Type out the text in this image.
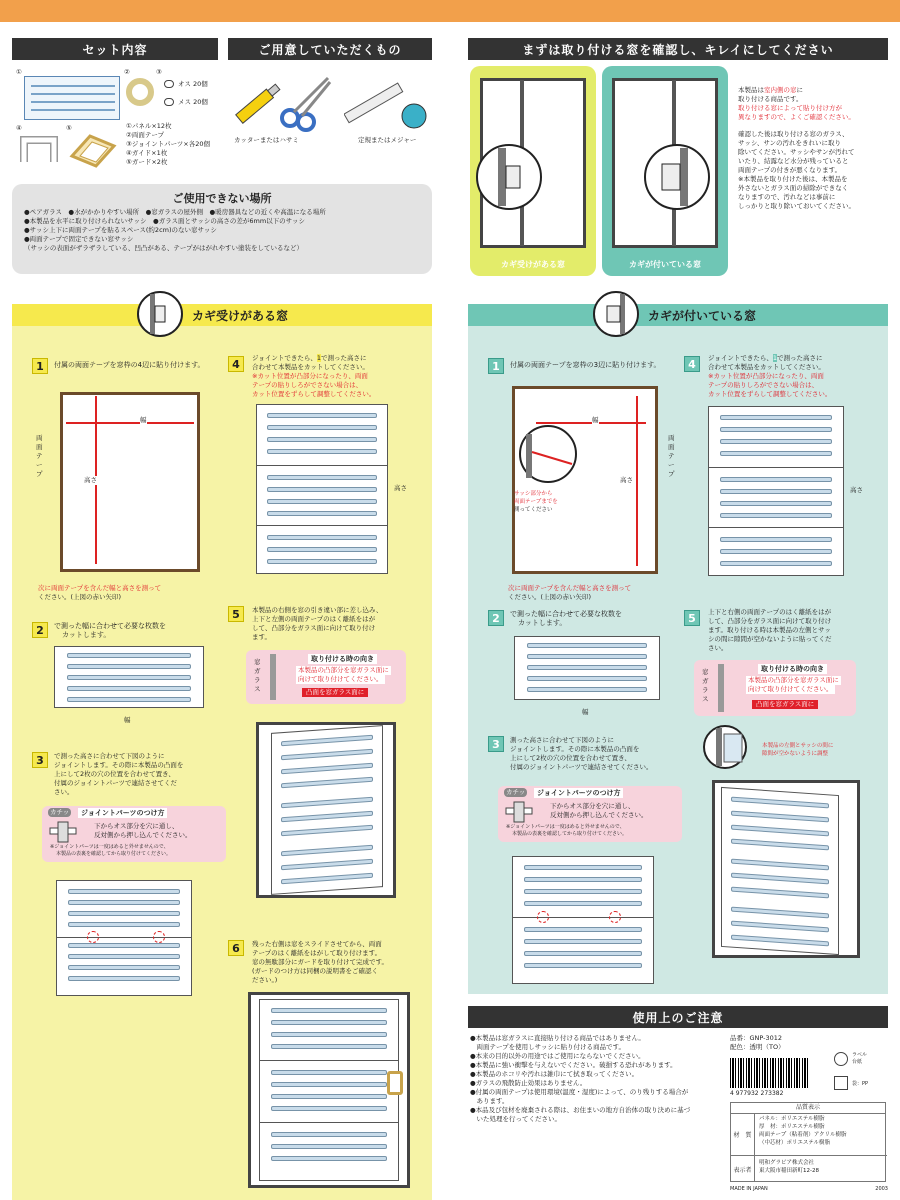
セット内容	ご用意していただくもの	まずは取り付ける窓を確認し、キレイにしてください
①	②	③
オス 20個
メス 20個
④	⑤	①パネル×12枚
②両面テープ
③ジョイントパーツ×各20個
④ガイド×1枚
⑤ガード×2枚
カッターまたはハサミ	定規またはメジャー
ご使用できない場所
●ペアガラス　●水がかかりやすい場所　●窓ガラスの屋外側　●暖房器具などの近くや高温になる場所
●本製品を水平に取り付けられないサッシ　●ガラス面とサッシの高さの差が6mm以下のサッシ
●サッシ上下に両面テープを貼るスペース(約2cm)のない窓サッシ
●両面テープで固定できない窓サッシ
（サッシの表面がザラザラしている、凹凸がある、テープがはがれやすい塗装をしているなど）
カギ受けがある窓	カギが付いている窓
本製品は室内側の窓に
取り付ける商品です。
取り付ける窓によって貼り付け方が
異なりますので、よくご確認ください。
確認した後は取り付ける窓のガラス、
サッシ、サンの汚れをきれいに取り
除いてください。サッシやサンが汚れて
いたり、結露など水分が残っていると
両面テープの付きが悪くなります。
※本製品を取り付けた後は、本製品を
外さないとガラス面の掃除ができなく
なりますので、汚れなどは事前に
しっかりと取り除いておいてください。
カギ受けがある窓
1	付属の両面テープを窓枠の4辺に貼り付けます。
幅
高さ
両面テープ
次に両面テープを含んだ幅と高さを測って
ください。(上図の赤い矢印)
2	で測った幅に合わせて必要な枚数を
カットします。
幅
3	で測った高さに合わせて下図のように
ジョイントします。その際に本製品の凸面を
上にして2枚の穴の位置を合わせて置き、
付属のジョイントパーツで連結させてくだ
さい。
ジョイントパーツのつけ方
カチッ
下からオス部分を穴に通し、
反対側から押し込んでください。
※ジョイントパーツは一度はめると外せませんので、
本製品の表裏を確認してから取り付けてください。
4	ジョイントできたら、1で測った高さに
合わせて本製品をカットしてください。
※カット位置が凸部分になったり、両面
テープの貼りしろがでさない場合は、
カット位置をずらして調整してください。
高さ
5	本製品の右側を窓の引き違い部に差し込み、
上下と左側の両面テープのはく離紙をはが
して、凸部分をガラス面に向けて取り付け
ます。
窓ガラス
取り付ける時の向き
本製品の凸部分を窓ガラス面に
向けて取り付けてください。
凸面を窓ガラス面に
6	残った右側は窓をスライドさせてから、両面
テープのはく離紙をはがして取り付けます。
窓の無駄部分にガードを取り付けて完成です。
(ガードのつけ方は同梱の説明書をご確認く
ださい。)
カギが付いている窓
1	付属の両面テープを窓枠の3辺に貼り付けます。
幅
高さ
両面テープ
サッシ部分から
両面テープまでを
測ってください
次に両面テープを含んだ幅と高さを測って
ください。(上図の赤い矢印)
2	で測った幅に合わせて必要な枚数を
カットします。
幅
3	測った高さに合わせて下図のように
ジョイントします。その際に本製品の凸面を
上にして2枚の穴の位置を合わせて置き、
付属のジョイントパーツで連結させてください。
ジョイントパーツのつけ方
カチッ
下からオス部分を穴に通し、
反対側から押し込んでください。
※ジョイントパーツは一度はめると外せませんので、
本製品の表裏を確認してから取り付けてください。
4	ジョイントできたら、1で測った高さに
合わせて本製品をカットしてください。
※カット位置が凸部分になったり、両面
テープの貼りしろがでさない場合は、
カット位置をずらして調整してください。
高さ
5	上下と右側の両面テープのはく離紙をはが
して、凸部分をガラス面に向けて取り付け
ます。取り付ける時は本製品の左側とサッ
シの間に隙間が空かないように貼ってくだ
さい。
窓ガラス
取り付ける時の向き
本製品の凸部分を窓ガラス面に
向けて取り付けてください。
凸面を窓ガラス面に
本製品の左側とサッシの間に
隙間が空かないように調整
使用上のご注意
●本製品は窓ガラスに直接貼り付ける商品ではありません。
　両面テープを使用しサッシに貼り付ける商品です。
●本来の目的以外の用途ではご使用にならないでください。
●本製品に強い衝撃を与えないでください。破損する恐れがあります。
●本製品のホコリや汚れは雑巾にて拭き取ってください。
●ガラスの飛散防止効果はありません。
●付属の両面テープは使用環境(温度・湿度)によって、のり残りする場合が
　あります。
●本品及び包材を廃棄される際は、お住まいの地方自治体の取り決めに基づ
　いた処理を行ってください。
品番：GNP-3012
配色：透明（TO）
4 977932 273382
ラベル
台紙
袋：PP
品質表示
材　質
パネル：ポリエステル樹脂
厚　材：ポリエステル樹脂
両面テープ（粘着剤）アクリル樹脂
（中芯材）ポリエステル樹脂
表示者
明和グラビア株式会社
東大阪市稲田新町12-28
MADE IN JAPAN	2003
